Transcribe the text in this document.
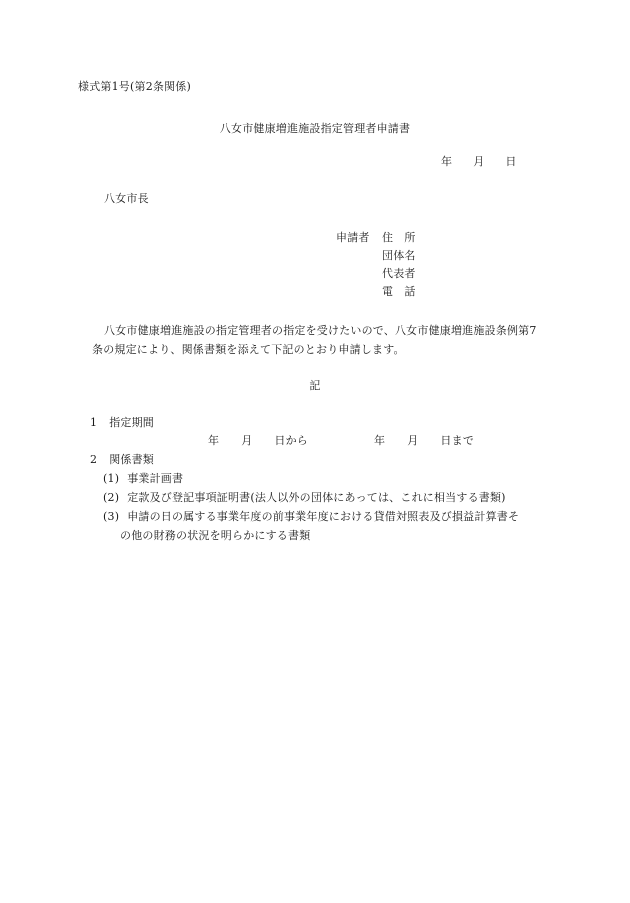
様式第1号(第2条関係)
八女市健康増進施設指定管理者申請書
年 月 日
八女市長
申請者 住　所
団体名
代表者
電　話
八女市健康増進施設の指定管理者の指定を受けたいので、八女市健康増進施設条例第7
条の規定により、関係書類を添えて下記のとおり申請します。
記
1 指定期間
年 月 日から	年 月 日まで
2 関係書類
(1) 事業計画書
(2) 定款及び登記事項証明書(法人以外の団体にあっては、これに相当する書類)
(3) 申請の日の属する事業年度の前事業年度における貸借対照表及び損益計算書そ
の他の財務の状況を明らかにする書類
